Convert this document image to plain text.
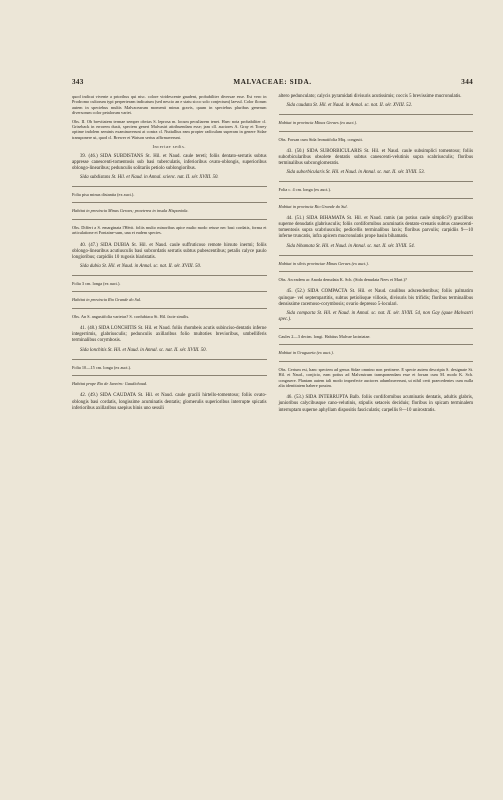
343	MALVACEAE: SIDA.	344

quod indicat vivente a priorihus qui nisc. colore viridescente gaudent, probabiliter diversae esse. Est vero in Prodromo cultorum typi perperteram indicatum (sed nescio an e statu sicco solo conjectum) laevul. Color florum autem in speciebus multis Malvacearum momenti minus gravis, quum in speciebus pluribus generum diversorum color petalorum variet.

Obs. II. Ob brevitatem termae semper obvias S. leprosa m. locum peculiarem tenet. Haec nota probabiliter cl. Griseback in errorem duxit, speciem generi Malvastri attribuendam esse; jam cll. auctores A. Gray et Torrey optime indolem seminis examinaverunt at contra cl. Nuttallius eam propter radiculam superam in genere Sidae transponere ut, quod cl. Brewer et Watson serius affirmaverunt.

Incertae sedis.

39. (46.) SIDA SUBDISTANS St. Hil. et Naud. caule tereti; foliis dentato-serratis subtus appresse canescenti-tomentosis sub basi tuberculatis, inferioribus ovato-oblongis, superioribus oblongo-linearibus; pedunculis solitariis petiolo sublongioribus.

Sida subdistans St. Hil. et Naud. in Annal. scienc. nat. II. sér. XVIII. 50.

Folia pisa minus distantia (ex auct.).

Habitat in provincia Minas Geraes; praeterea in insula Hispaniola.

Obs. Differt a S. emarginata l'Hérit. foliis multo minoribus apice multo modo retuse nec basi cordatis, forma et articulatione et Fontaine-sum, una et eadem species.

40. (47.) SIDA DUBIA St. Hil. et Naud. caule suffruticoso remote hirsuto inermi; foliis oblongo-linearibus acutiusculis basi subcordatis serratis subtus pubescentibus; petalis calyce paulo longioribus; carpidiis 10 rugosis biaristatis.

Sida dubia St. Hil. et Naud. in Annal. sc. nat. II. sér. XVIII. 50.

Folia 3 cm. longa (ex auct.).

Habitat in provincia Rio Grande do Sul.

Obs. An S. angustifolia varietas? S. cordubiaca St. Hil. facie similis.

41. (48.) SIDA LONCHITIS St. Hil. et Naud. foliis rhombeis acutis subinciso-dentatis inferne integerrimis, glabriusculis; pedunculis axillaribus folio multoties brevioribus, umbelliferis terminalibus corymbosis.

Sida lonchitis St. Hil. et Naud. in Annal. sc. nat. II. sér. XVIII. 50.

Folia 10—15 cm. longa (ex auct.).

Habitat prope Rio de Janeiro: Gaudichaud.

42. (49.) SIDA CAUDATA St. Hil. et Naud. caule gracili hirtello-tomentoso; foliis ovato-oblongis basi cordatis, longissime acuminatis dentatis; glomerulis superioribus interrupte spicatis inferioribus axillaribus saepius binis uno sessili

altero pedunculato; calycis pyramidati divisuris acutissimis; coccis 5 brevissime mucronulatis.

Sida caudata St. Hil. et Naud. in Annal. sc. nat. II. sér. XVIII. 52.

Habitat in provincia Minas Geraes (ex auct.).

Obs. Forsan cum Sida leonatifolia Miq. congruit.

43. (50.) SIDA SUBORBICULARIS St. Hil. et Naud. caule subsimplici tomentoso; foliis suborbicularibus obsolete dentatis subtus canescenti-velutinis supra scabriusculis; floribus terminalibus subconglomeratis.

Sida suborbicularis St. Hil. et Naud. in Annal. sc. nat. II. sér. XVIII. 53.

Folia c. 4 cm. longa (ex auct.).

Habitat in provincia Rio Grande do Sul.

44. (51.) SIDA BIHAMATA St. Hil. et Naud. ramis (an potius caule simplici?) gracilibus superne denudatis glabriusculis; foliis cordiformibus acuminatis dentato-crenatis subtus canescenti-tomentosis supra scabriusculis; pedicellis terminalibus laxis; floribus parvulis; carpidiis 9—10 inferne truncatis, infra apicem mucronulatis prope basin bihamatis.

Sida bihamata St. Hil. et Naud. in Annal. sc. nat. II. sér. XVIII. 54.

Habitat in silvis provinciae Minas Geraes (ex auct.).

Obs. An eadem ac Anoda denudata K. Sch. (Sida denudata Nees et Mart.)?

45. (52.) SIDA COMPACTA St. Hil. et Naud. caulibus adscendentibus; foliis palmatim quinque- vel septempartitis, subtus petiolisque villosis, divisuris bis trifidis; floribus terminalibus densissime racemoso-corymbosis; ovario depresso 5-loculari.

Sida compacta St. Hil. et Naud. in Annal. sc. nat. II. sér. XVIII. 54, non Gay (quae Malvastri spec.).

Caules 2—3 decim. longi. Habitus Malvae laciniatae.

Habitat in Uruguaria (ex auct.).

Obs. Certum est, hanc speciem ad genus Sidae omnino non pertinere. E specie autem descripta S. designate St. Hil. et Naud., conjicio, eam potius ad Malvastrum transponendam esse et forsan cum M. modo K. Sch. congruere. Plantam autem tali modo imperfecte auctores adumbraverunt, ut nihil certi praecedentes cum nulla alia identitatem habere possim.

46. (53.) SIDA INTERRUPTA Balb. foliis cordiformibus acuminatis dentatis, adultis glabris, junioribus calycibusque cano-velutinis, stipulis setaceis deciduis; floribus in spicam terminalem interruptam superne aphyllam dispositis fasciculatis; carpellis 8—10 unirostratis.
